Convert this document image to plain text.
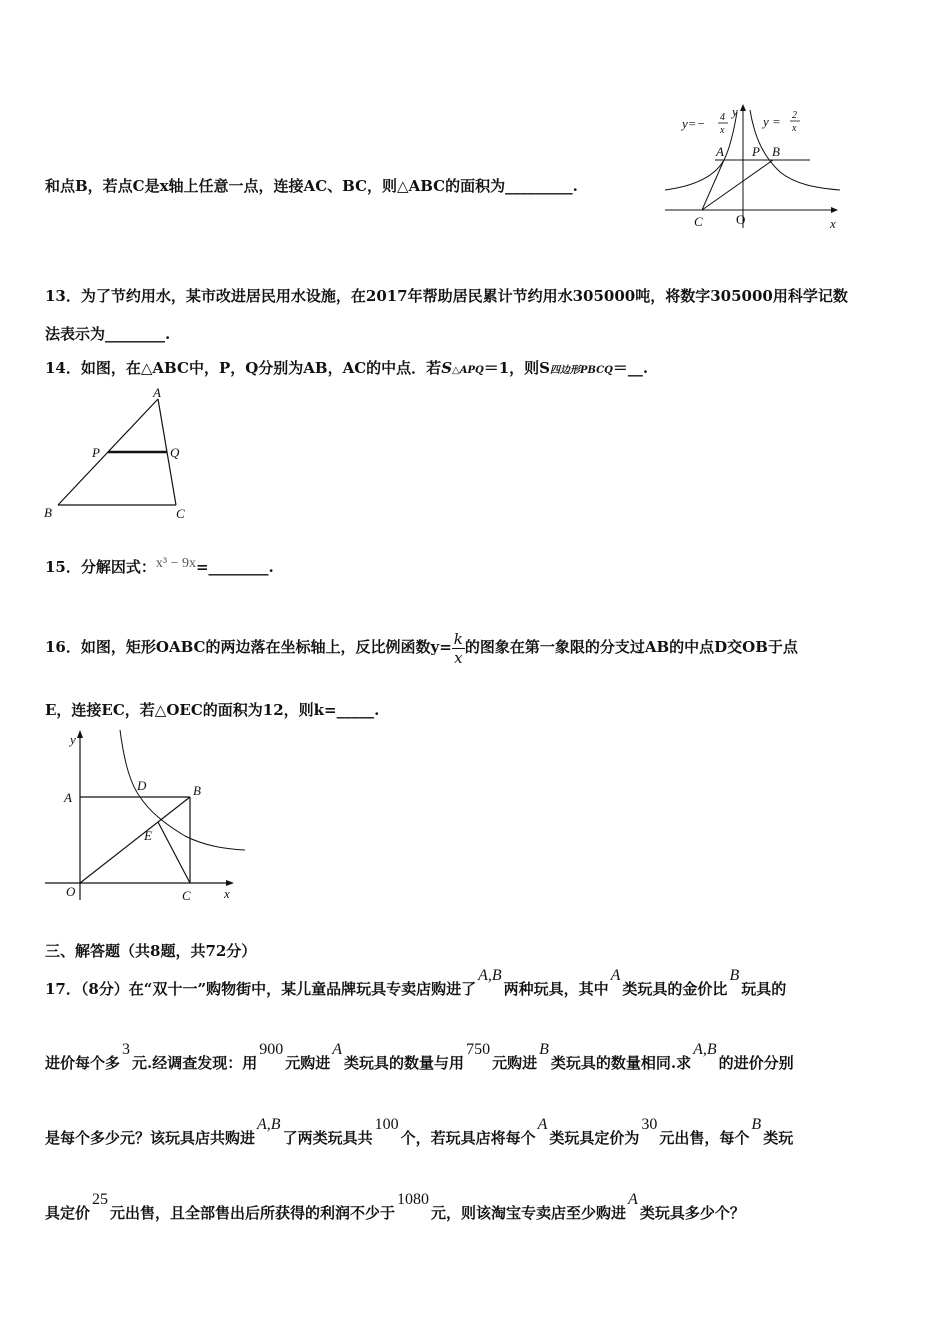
和点B，若点C是x轴上任意一点，连接AC、BC，则△ABC的面积为_________.
y=− 4
x
y
y = 2
x
A P B
C	O	x
13．为了节约用水，某市改进居民用水设施，在2017年帮助居民累计节约用水305000吨，将数字305000用科学记数
法表示为________.
14．如图，在△ABC中，P，Q分别为AB，AC的中点．若S△APQ＝1，则S四边形PBCQ＝__.
A
P	Q
B	C
15．分解因式：x³ − 9x=________.
16．如图，矩形OABC的两边落在坐标轴上，反比例函数$y= \frac{k}{x}$ 的图象在第一象限的分支过AB的中点D交OB于点
E，连接EC，若△OEC的面积为12，则k=_____.
y
A
D	B
E
O	C	x
三、解答题（共8题，共72分）
17．（8分）在“双十一”购物街中，某儿童品牌玩具专卖店购进了A,B两种玩具，其中A类玩具的金价比B玩具的
进价每个多3元.经调查发现：用900元购进A类玩具的数量与用750元购进B类玩具的数量相同.求A,B的进价分别
是每个多少元？该玩具店共购进A,B了两类玩具共100个，若玩具店将每个A类玩具定价为30元出售，每个B类玩
具定价25元出售，且全部售出后所获得的利润不少于1080元，则该淘宝专卖店至少购进A类玩具多少个？
